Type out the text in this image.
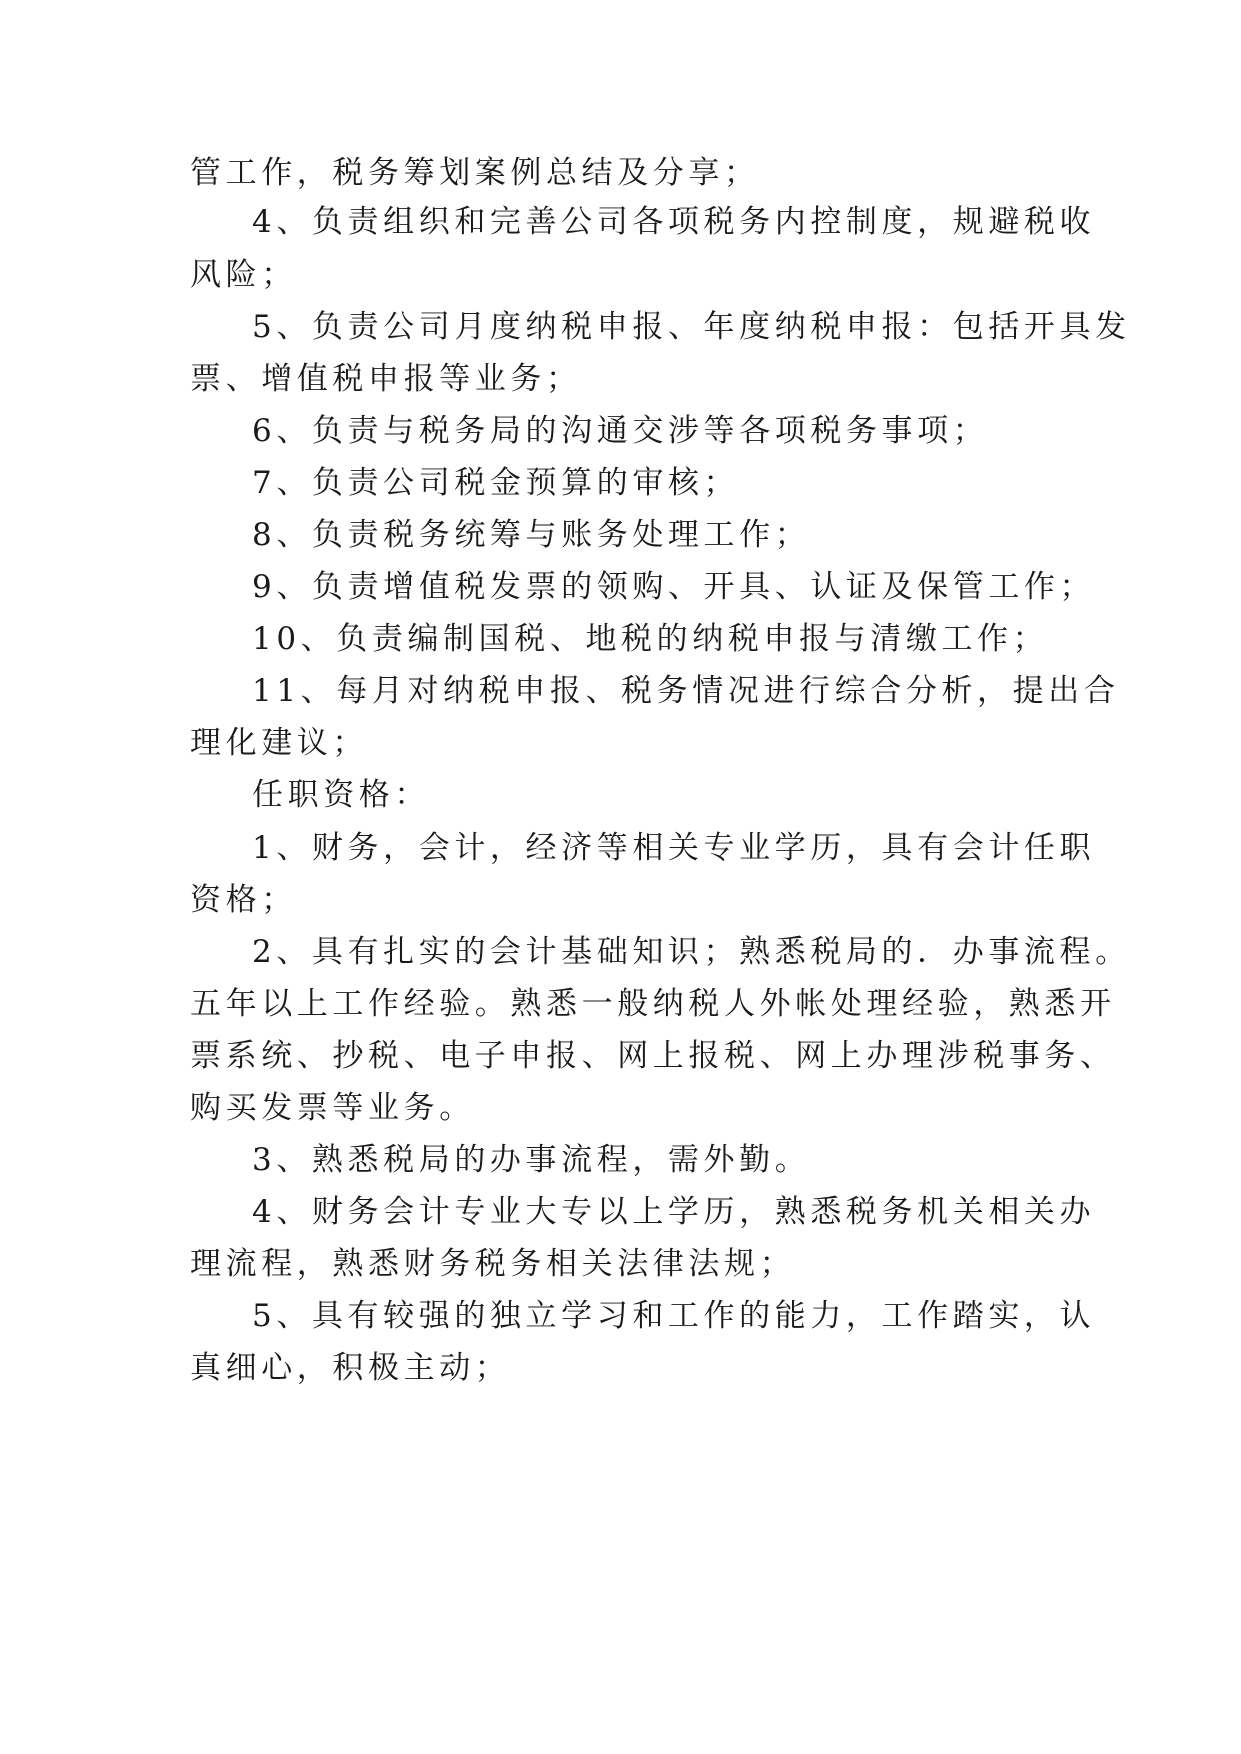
管工作，税务筹划案例总结及分享；
4、负责组织和完善公司各项税务内控制度，规避税收
风险；
5、负责公司月度纳税申报、年度纳税申报：包括开具发
票、增值税申报等业务；
6、负责与税务局的沟通交涉等各项税务事项；
7、负责公司税金预算的审核；
8、负责税务统筹与账务处理工作；
9、负责增值税发票的领购、开具、认证及保管工作；
10、负责编制国税、地税的纳税申报与清缴工作；
11、每月对纳税申报、税务情况进行综合分析，提出合
理化建议；
任职资格：
1、财务，会计，经济等相关专业学历，具有会计任职
资格；
2、具有扎实的会计基础知识；熟悉税局的．办事流程。
五年以上工作经验。熟悉一般纳税人外帐处理经验，熟悉开
票系统、抄税、电子申报、网上报税、网上办理涉税事务、
购买发票等业务。
3、熟悉税局的办事流程，需外勤。
4、财务会计专业大专以上学历，熟悉税务机关相关办
理流程，熟悉财务税务相关法律法规；
5、具有较强的独立学习和工作的能力，工作踏实，认
真细心，积极主动；
